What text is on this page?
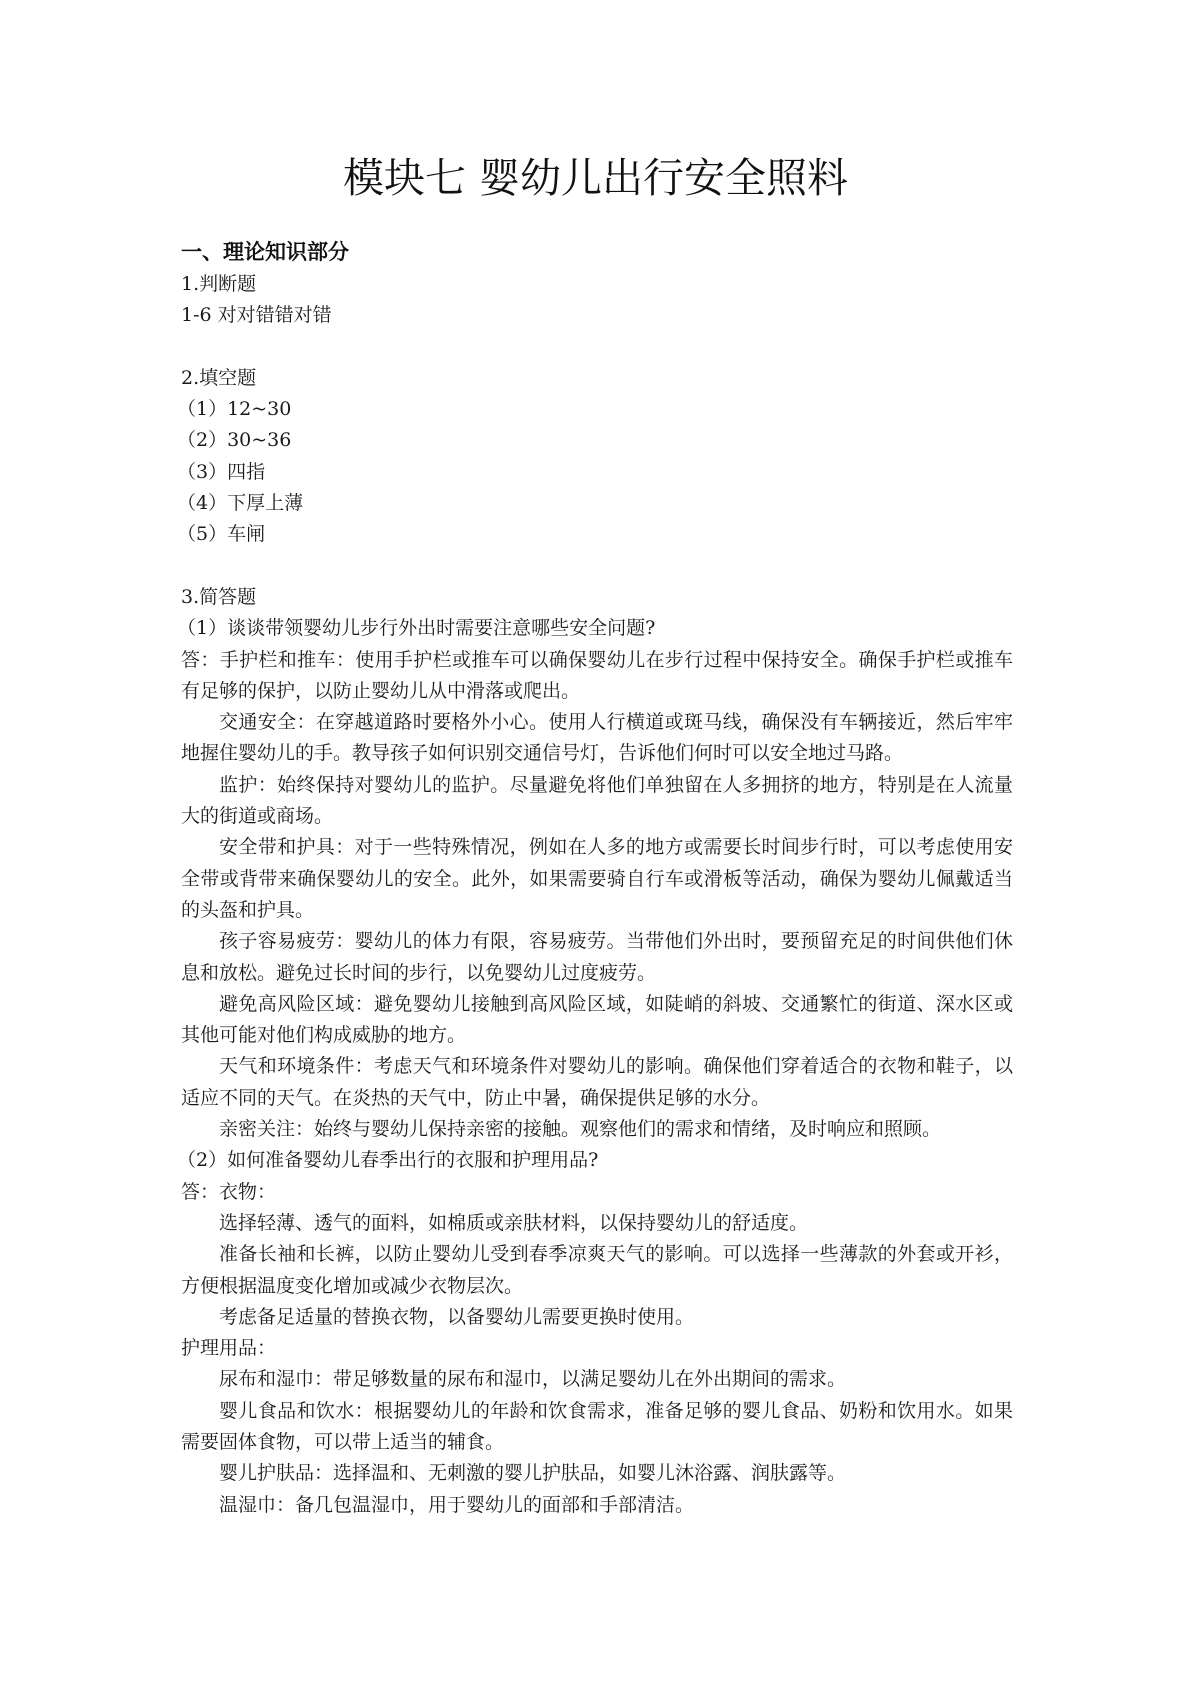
模块七 婴幼儿出行安全照料
一、理论知识部分
1.判断题
1-6 对对错错对错
2.填空题
（1）12~30
（2）30~36
（3）四指
（4）下厚上薄
（5）车闸
3.简答题
（1）谈谈带领婴幼儿步行外出时需要注意哪些安全问题?
答：手护栏和推车：使用手护栏或推车可以确保婴幼儿在步行过程中保持安全。确保手护栏或推车有足够的保护，以防止婴幼儿从中滑落或爬出。
交通安全：在穿越道路时要格外小心。使用人行横道或斑马线，确保没有车辆接近，然后牢牢地握住婴幼儿的手。教导孩子如何识别交通信号灯，告诉他们何时可以安全地过马路。
监护：始终保持对婴幼儿的监护。尽量避免将他们单独留在人多拥挤的地方，特别是在人流量大的街道或商场。
安全带和护具：对于一些特殊情况，例如在人多的地方或需要长时间步行时，可以考虑使用安全带或背带来确保婴幼儿的安全。此外，如果需要骑自行车或滑板等活动，确保为婴幼儿佩戴适当的头盔和护具。
孩子容易疲劳：婴幼儿的体力有限，容易疲劳。当带他们外出时，要预留充足的时间供他们休息和放松。避免过长时间的步行，以免婴幼儿过度疲劳。
避免高风险区域：避免婴幼儿接触到高风险区域，如陡峭的斜坡、交通繁忙的街道、深水区或其他可能对他们构成威胁的地方。
天气和环境条件：考虑天气和环境条件对婴幼儿的影响。确保他们穿着适合的衣物和鞋子，以适应不同的天气。在炎热的天气中，防止中暑，确保提供足够的水分。
亲密关注：始终与婴幼儿保持亲密的接触。观察他们的需求和情绪，及时响应和照顾。
（2）如何准备婴幼儿春季出行的衣服和护理用品?
答：衣物：
选择轻薄、透气的面料，如棉质或亲肤材料，以保持婴幼儿的舒适度。
准备长袖和长裤，以防止婴幼儿受到春季凉爽天气的影响。可以选择一些薄款的外套或开衫，方便根据温度变化增加或减少衣物层次。
考虑备足适量的替换衣物，以备婴幼儿需要更换时使用。
护理用品：
尿布和湿巾：带足够数量的尿布和湿巾，以满足婴幼儿在外出期间的需求。
婴儿食品和饮水：根据婴幼儿的年龄和饮食需求，准备足够的婴儿食品、奶粉和饮用水。如果需要固体食物，可以带上适当的辅食。
婴儿护肤品：选择温和、无刺激的婴儿护肤品，如婴儿沐浴露、润肤露等。
温湿巾：备几包温湿巾，用于婴幼儿的面部和手部清洁。
